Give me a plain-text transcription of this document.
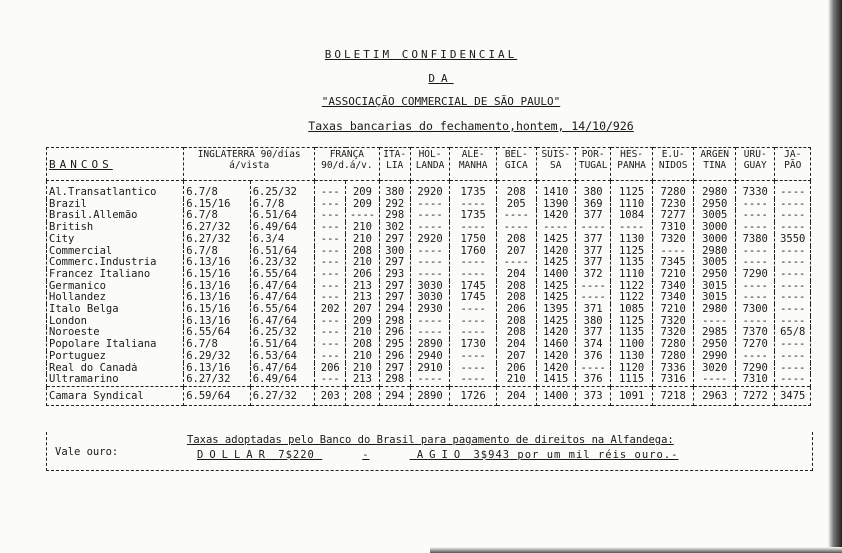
BOLETIM CONFIDENCIAL
DA
"ASSOCIAÇÃO COMMERCIAL DE SÃO PAULO"
Taxas bancarias do fechamento,hontem, 14/10/926
BANCOS	INGLATERRA 90/dias á/vista		FRANÇA 90/d.á/v.		ITA- LIA	HOL- LANDA	ALE- MANHA	BEL- GICA	SUIS- SA	POR- TUGAL	HES- PANHA	E.U- NIDOS	ARGEN TINA	URU- GUAY	JA- PÃO
Al.Transatlantico	6.7/8	6.25/32	---	209	380	2920	1735	208	1410	380	1125	7280	2980	7330	----
Brazil	6.15/16	6.7/8	---	209	292	----	----	205	1390	369	1110	7230	2950	----	----
Brasil.Allemão	6.7/8	6.51/64	---	----	298	----	1735	----	1420	377	1084	7277	3005	----	----
British	6.27/32	6.49/64	---	210	302	----	----	----	----	----	----	7310	3000	----	----
City	6.27/32	6.3/4	---	210	297	2920	1750	208	1425	377	1130	7320	3000	7380	3550
Commercial	6.7/8	6.51/64	---	208	300	----	1760	207	1420	377	1125	----	2980	----	----
Commerc.Industria	6.13/16	6.23/32	---	210	297	----	----	----	1425	377	1135	7345	3005	----	----
Francez Italiano	6.15/16	6.55/64	---	206	293	----	----	204	1400	372	1110	7210	2950	7290	----
Germanico	6.13/16	6.47/64	---	213	297	3030	1745	208	1425	----	1122	7340	3015	----	----
Hollandez	6.13/16	6.47/64	---	213	297	3030	1745	208	1425	----	1122	7340	3015	----	----
Italo Belga	6.15/16	6.55/64	202	207	294	2930	----	206	1395	371	1085	7210	2980	7300	----
London	6.13/16	6.47/64	---	209	298	----	----	208	1425	380	1125	7320	----	----	----
Noroeste	6.55/64	6.25/32	---	210	296	----	----	208	1420	377	1135	7320	2985	7370	65/8
Popolare Italiana	6.7/8	6.51/64	---	208	295	2890	1730	204	1460	374	1100	7280	2950	7270	----
Portuguez	6.29/32	6.53/64	---	210	296	2940	----	207	1420	376	1130	7280	2990	----	----
Real do Canadá	6.13/16	6.47/64	206	210	297	2910	----	206	1420	----	1120	7336	3020	7290	----
Ultramarino	6.27/32	6.49/64	---	213	298	----	----	210	1415	376	1115	7316	----	7310	----
Camara Syndical	6.59/64	6.27/32	203	208	294	2890	1726	204	1400	373	1091	7218	2963	7272	3475
Taxas adoptadas pelo Banco do Brasil para pagamento de direitos na Alfandega:
Vale ouro:	DOLLAR 7$220	-	AGIO 3$943 por um mil réis ouro.-
